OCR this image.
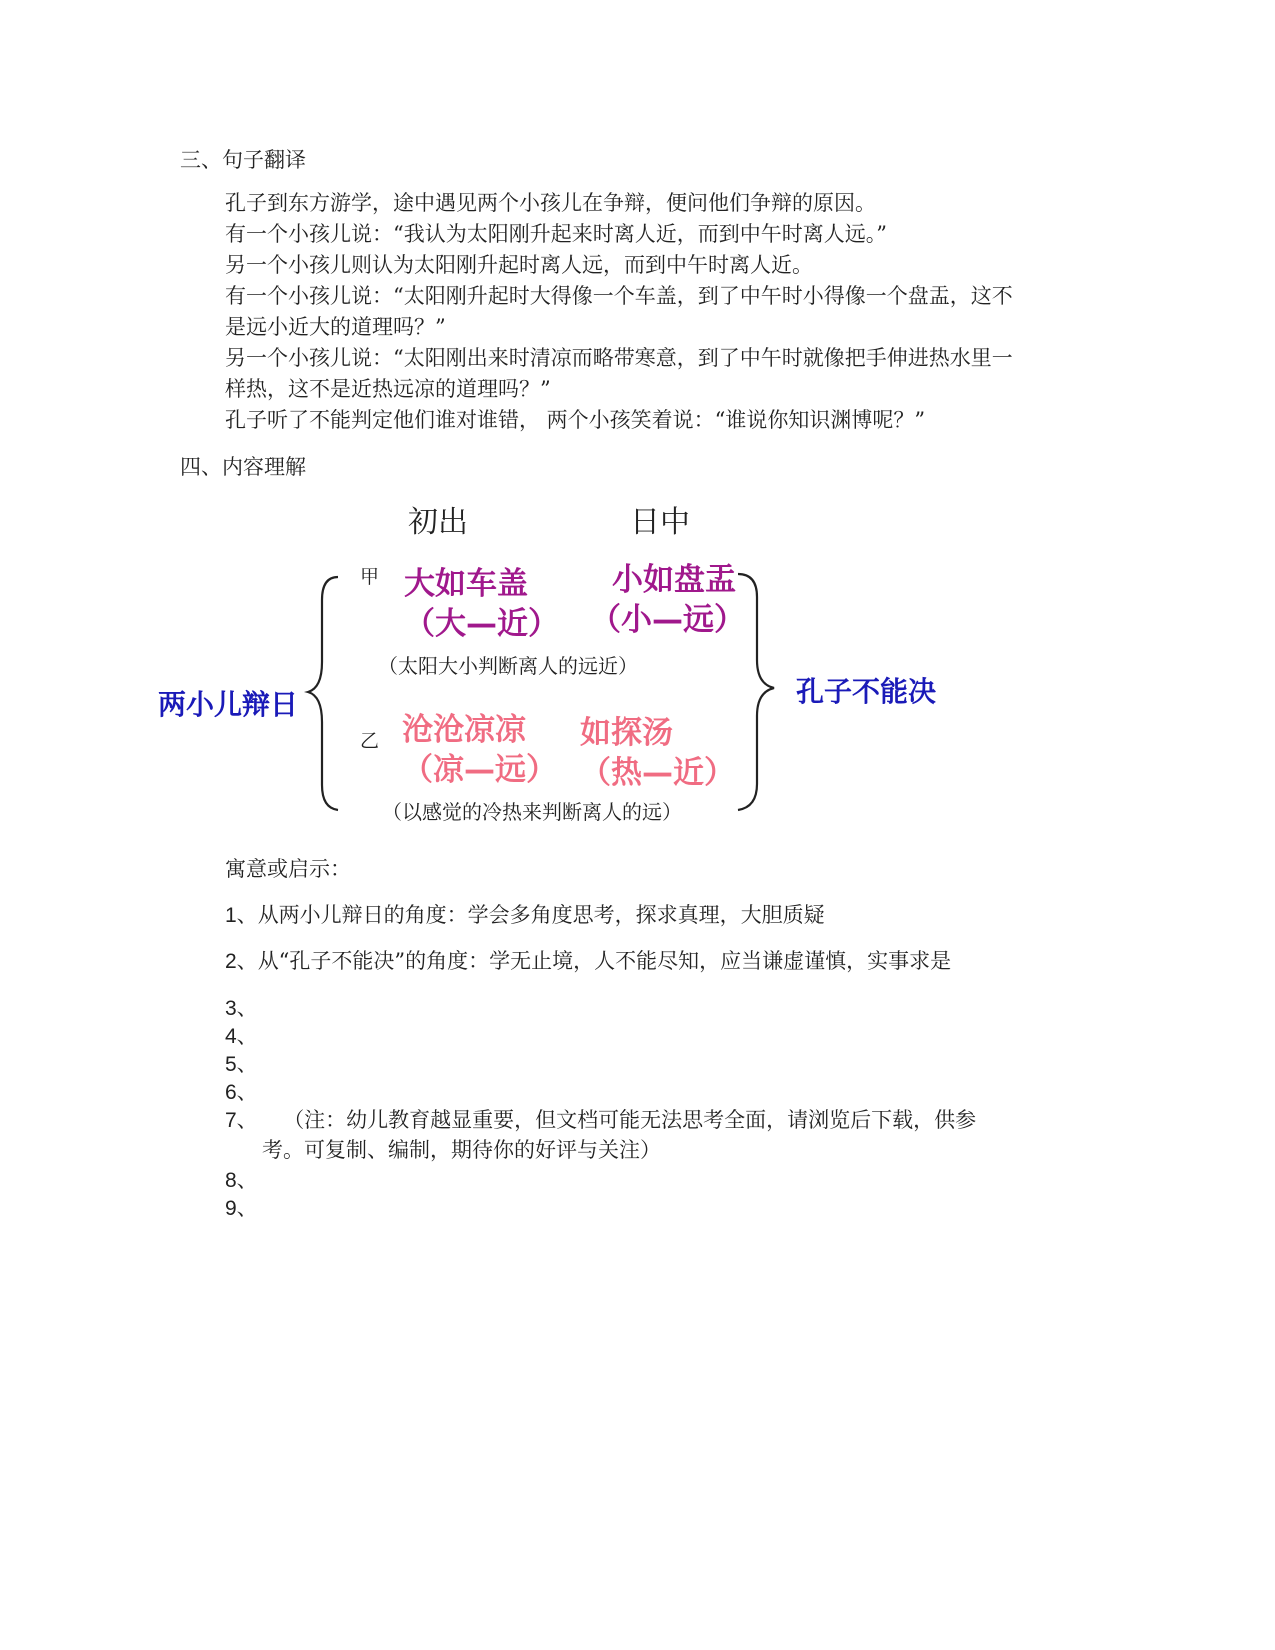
三、句子翻译
孔子到东方游学，途中遇见两个小孩儿在争辩，便问他们争辩的原因。
有一个小孩儿说：“我认为太阳刚升起来时离人近，而到中午时离人远。”
另一个小孩儿则认为太阳刚升起时离人远，而到中午时离人近。
有一个小孩儿说：“太阳刚升起时大得像一个车盖，到了中午时小得像一个盘盂，这不
是远小近大的道理吗？”
另一个小孩儿说：“太阳刚出来时清凉而略带寒意，到了中午时就像把手伸进热水里一
样热，这不是近热远凉的道理吗？”
孔子听了不能判定他们谁对谁错， 两个小孩笑着说：“谁说你知识渊博呢？”
四、内容理解
初出	日中
两小儿辩日	孔子不能决
甲 大如车盖
（大—近）
小如盘盂
（小—远）
（太阳大小判断离人的远近）
乙 沧沧凉凉
（凉—远）
如探汤
（热—近）
（以感觉的冷热来判断离人的远）
寓意或启示：
1、从两小儿辩日的角度：学会多角度思考，探求真理，大胆质疑
2、从“孔子不能决”的角度：学无止境，人不能尽知，应当谦虚谨慎，实事求是
3、
4、
5、
6、
7、 （注：幼儿教育越显重要，但文档可能无法思考全面，请浏览后下载，供参
考。可复制、编制，期待你的好评与关注）
8、
9、
